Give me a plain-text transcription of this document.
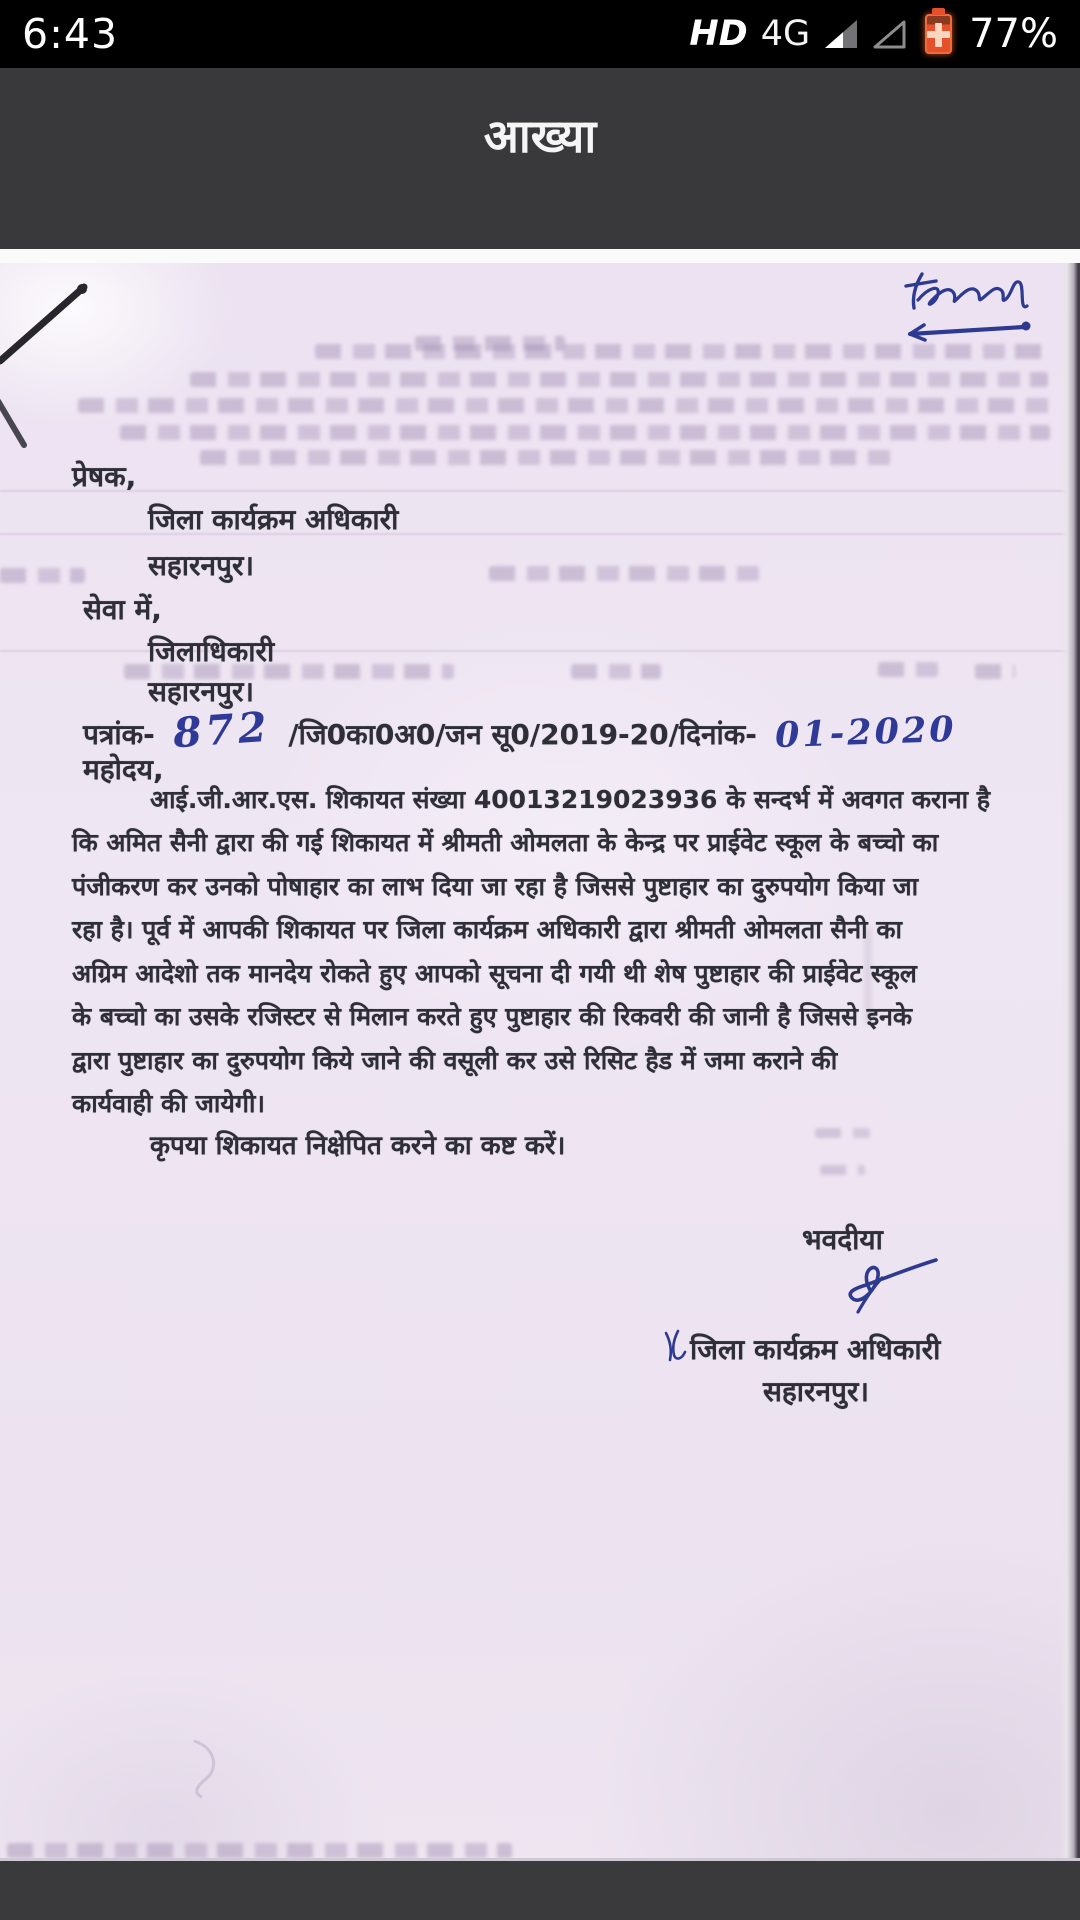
6:43	HD 4G	77%
आख्या
प्रेषक,
जिला कार्यक्रम अधिकारी
सहारनपुर।
सेवा में,
जिलाधिकारी
सहारनपुर।
पत्रांक- 872 /जि0का0अ0/जन सू0/2019-20/दिनांक- 01-2020
महोदय,
आई.जी.आर.एस. शिकायत संख्या 40013219023936 के सन्दर्भ में अवगत कराना है
कि अमित सैनी द्वारा की गई शिकायत में श्रीमती ओमलता के केन्द्र पर प्राईवेट स्कूल के बच्चो का
पंजीकरण कर उनको पोषाहार का लाभ दिया जा रहा है जिससे पुष्टाहार का दुरुपयोग किया जा
रहा है। पूर्व में आपकी शिकायत पर जिला कार्यक्रम अधिकारी द्वारा श्रीमती ओमलता सैनी का
अग्रिम आदेशो तक मानदेय रोकते हुए आपको सूचना दी गयी थी शेष पुष्टाहार की प्राईवेट स्कूल
के बच्चो का उसके रजिस्टर से मिलान करते हुए पुष्टाहार की रिकवरी की जानी है जिससे इनके
द्वारा पुष्टाहार का दुरुपयोग किये जाने की वसूली कर उसे रिसिट हैड में जमा कराने की
कार्यवाही की जायेगी।
कृपया शिकायत निक्षेपित करने का कष्ट करें।
भवदीया
जिला कार्यक्रम अधिकारी
सहारनपुर।
